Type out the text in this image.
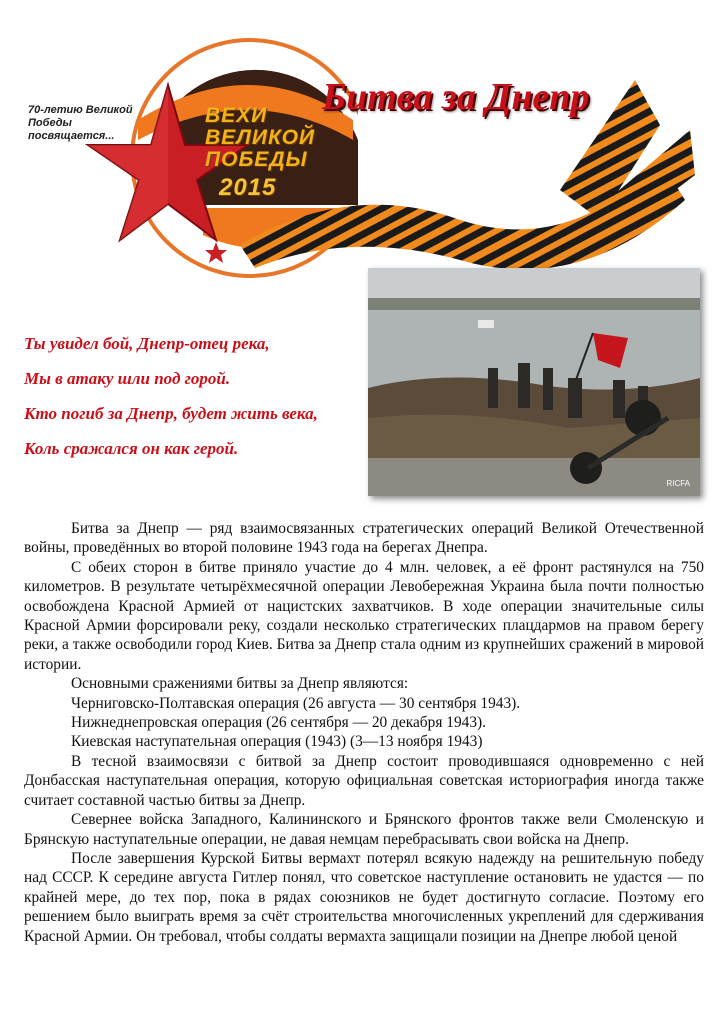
Битва за Днепр
70-летию Великой Победы посвящается...
ВЕХИ
ВЕЛИКОЙ
ПОБЕДЫ
2015
Ты увидел бой, Днепр-отец река,
Мы в атаку шли под горой.
Кто погиб за Днепр, будет жить века,
Коль сражался он как герой.
RICFA

Битва за Днепр — ряд взаимосвязанных стратегических операций Великой Отечественной войны, проведённых во второй половине 1943 года на берегах Днепра.

С обеих сторон в битве приняло участие до 4 млн. человек, а её фронт растянулся на 750 километров. В результате четырёхмесячной операции Левобережная Украина была почти полностью освобождена Красной Армией от нацистских захватчиков. В ходе операции значительные силы Красной Армии форсировали реку, создали несколько стратегических плацдармов на правом берегу реки, а также освободили город Киев. Битва за Днепр стала одним из крупнейших сражений в мировой истории.

Основными сражениями битвы за Днепр являются:

Черниговско-Полтавская операция (26 августа — 30 сентября 1943).

Нижнеднепровская операция (26 сентября — 20 декабря 1943).

Киевская наступательная операция (1943) (3—13 ноября 1943)

В тесной взаимосвязи с битвой за Днепр состоит проводившаяся одновременно с ней Донбасская наступательная операция, которую официальная советская историография иногда также считает составной частью битвы за Днепр.

Севернее войска Западного, Калининского и Брянского фронтов также вели Смоленскую и Брянскую наступательные операции, не давая немцам перебрасывать свои войска на Днепр.

После завершения Курской Битвы вермахт потерял всякую надежду на решительную победу над СССР. К середине августа Гитлер понял, что советское наступление остановить не удастся — по крайней мере, до тех пор, пока в рядах союзников не будет достигнуто согласие. Поэтому его решением было выиграть время за счёт строительства многочисленных укреплений для сдерживания Красной Армии. Он требовал, чтобы солдаты вермахта защищали позиции на Днепре любой ценой
